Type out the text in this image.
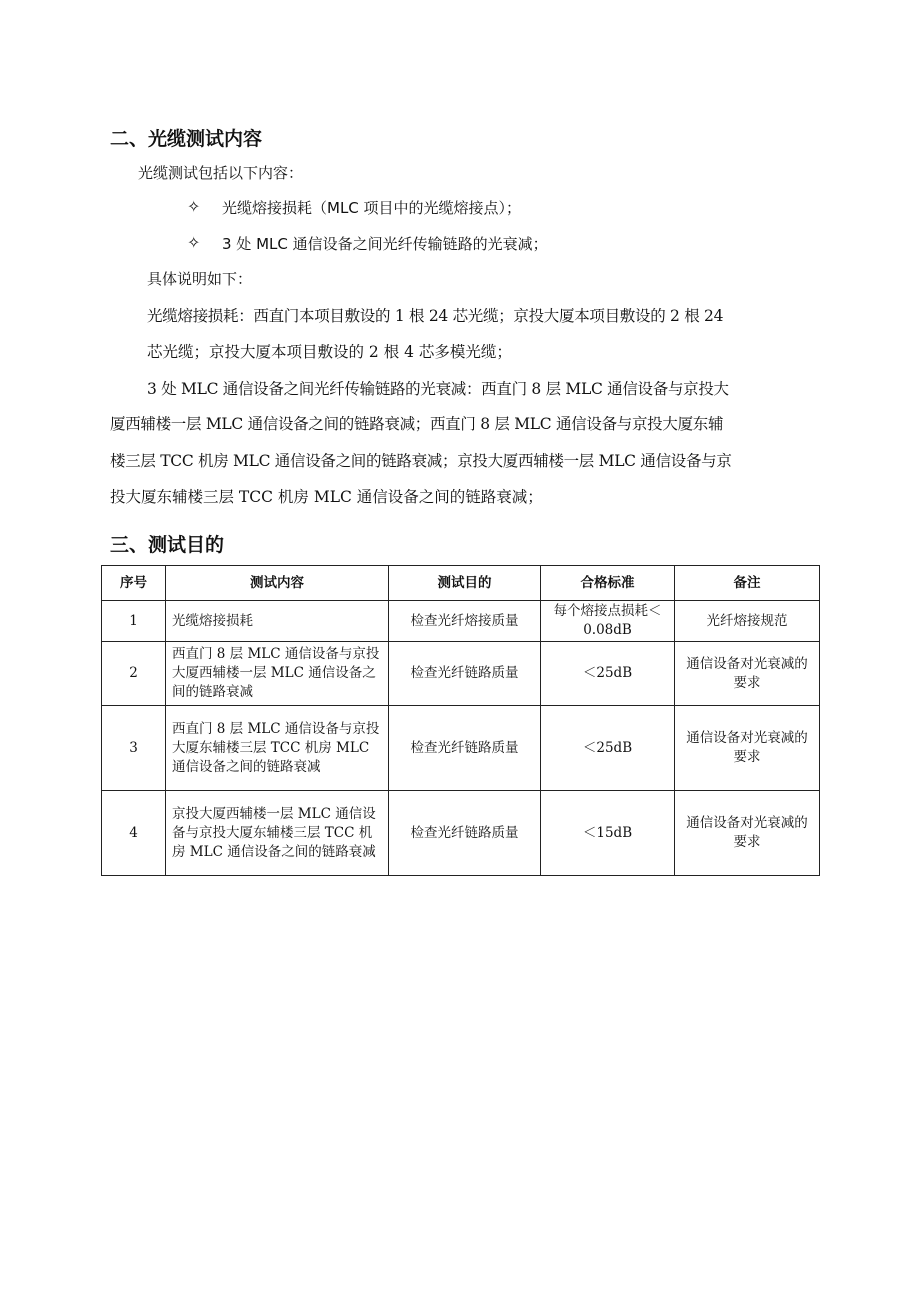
二、光缆测试内容

光缆测试包括以下内容：

✧ 光缆熔接损耗（MLC 项目中的光缆熔接点）；

✧ 3 处 MLC 通信设备之间光纤传输链路的光衰减；

具体说明如下：

光缆熔接损耗：西直门本项目敷设的 1 根 24 芯光缆；京投大厦本项目敷设的 2 根 24

芯光缆；京投大厦本项目敷设的 2 根 4 芯多模光缆；

3 处 MLC 通信设备之间光纤传输链路的光衰减：西直门 8 层 MLC 通信设备与京投大

厦西辅楼一层 MLC 通信设备之间的链路衰减；西直门 8 层 MLC 通信设备与京投大厦东辅

楼三层 TCC 机房 MLC 通信设备之间的链路衰减；京投大厦西辅楼一层 MLC 通信设备与京

投大厦东辅楼三层 TCC 机房 MLC 通信设备之间的链路衰减；

三、测试目的
序号	测试内容	测试目的	合格标准	备注
1	光缆熔接损耗	检查光纤熔接质量	每个熔接点损耗＜0.08dB	光纤熔接规范
2	西直门 8 层 MLC 通信设备与京投大厦西辅楼一层 MLC 通信设备之间的链路衰减	检查光纤链路质量	＜25dB	通信设备对光衰减的要求
3	西直门 8 层 MLC 通信设备与京投大厦东辅楼三层 TCC 机房 MLC 通信设备之间的链路衰减	检查光纤链路质量	＜25dB	通信设备对光衰减的要求
4	京投大厦西辅楼一层 MLC 通信设备与京投大厦东辅楼三层 TCC 机房 MLC 通信设备之间的链路衰减	检查光纤链路质量	＜15dB	通信设备对光衰减的要求
